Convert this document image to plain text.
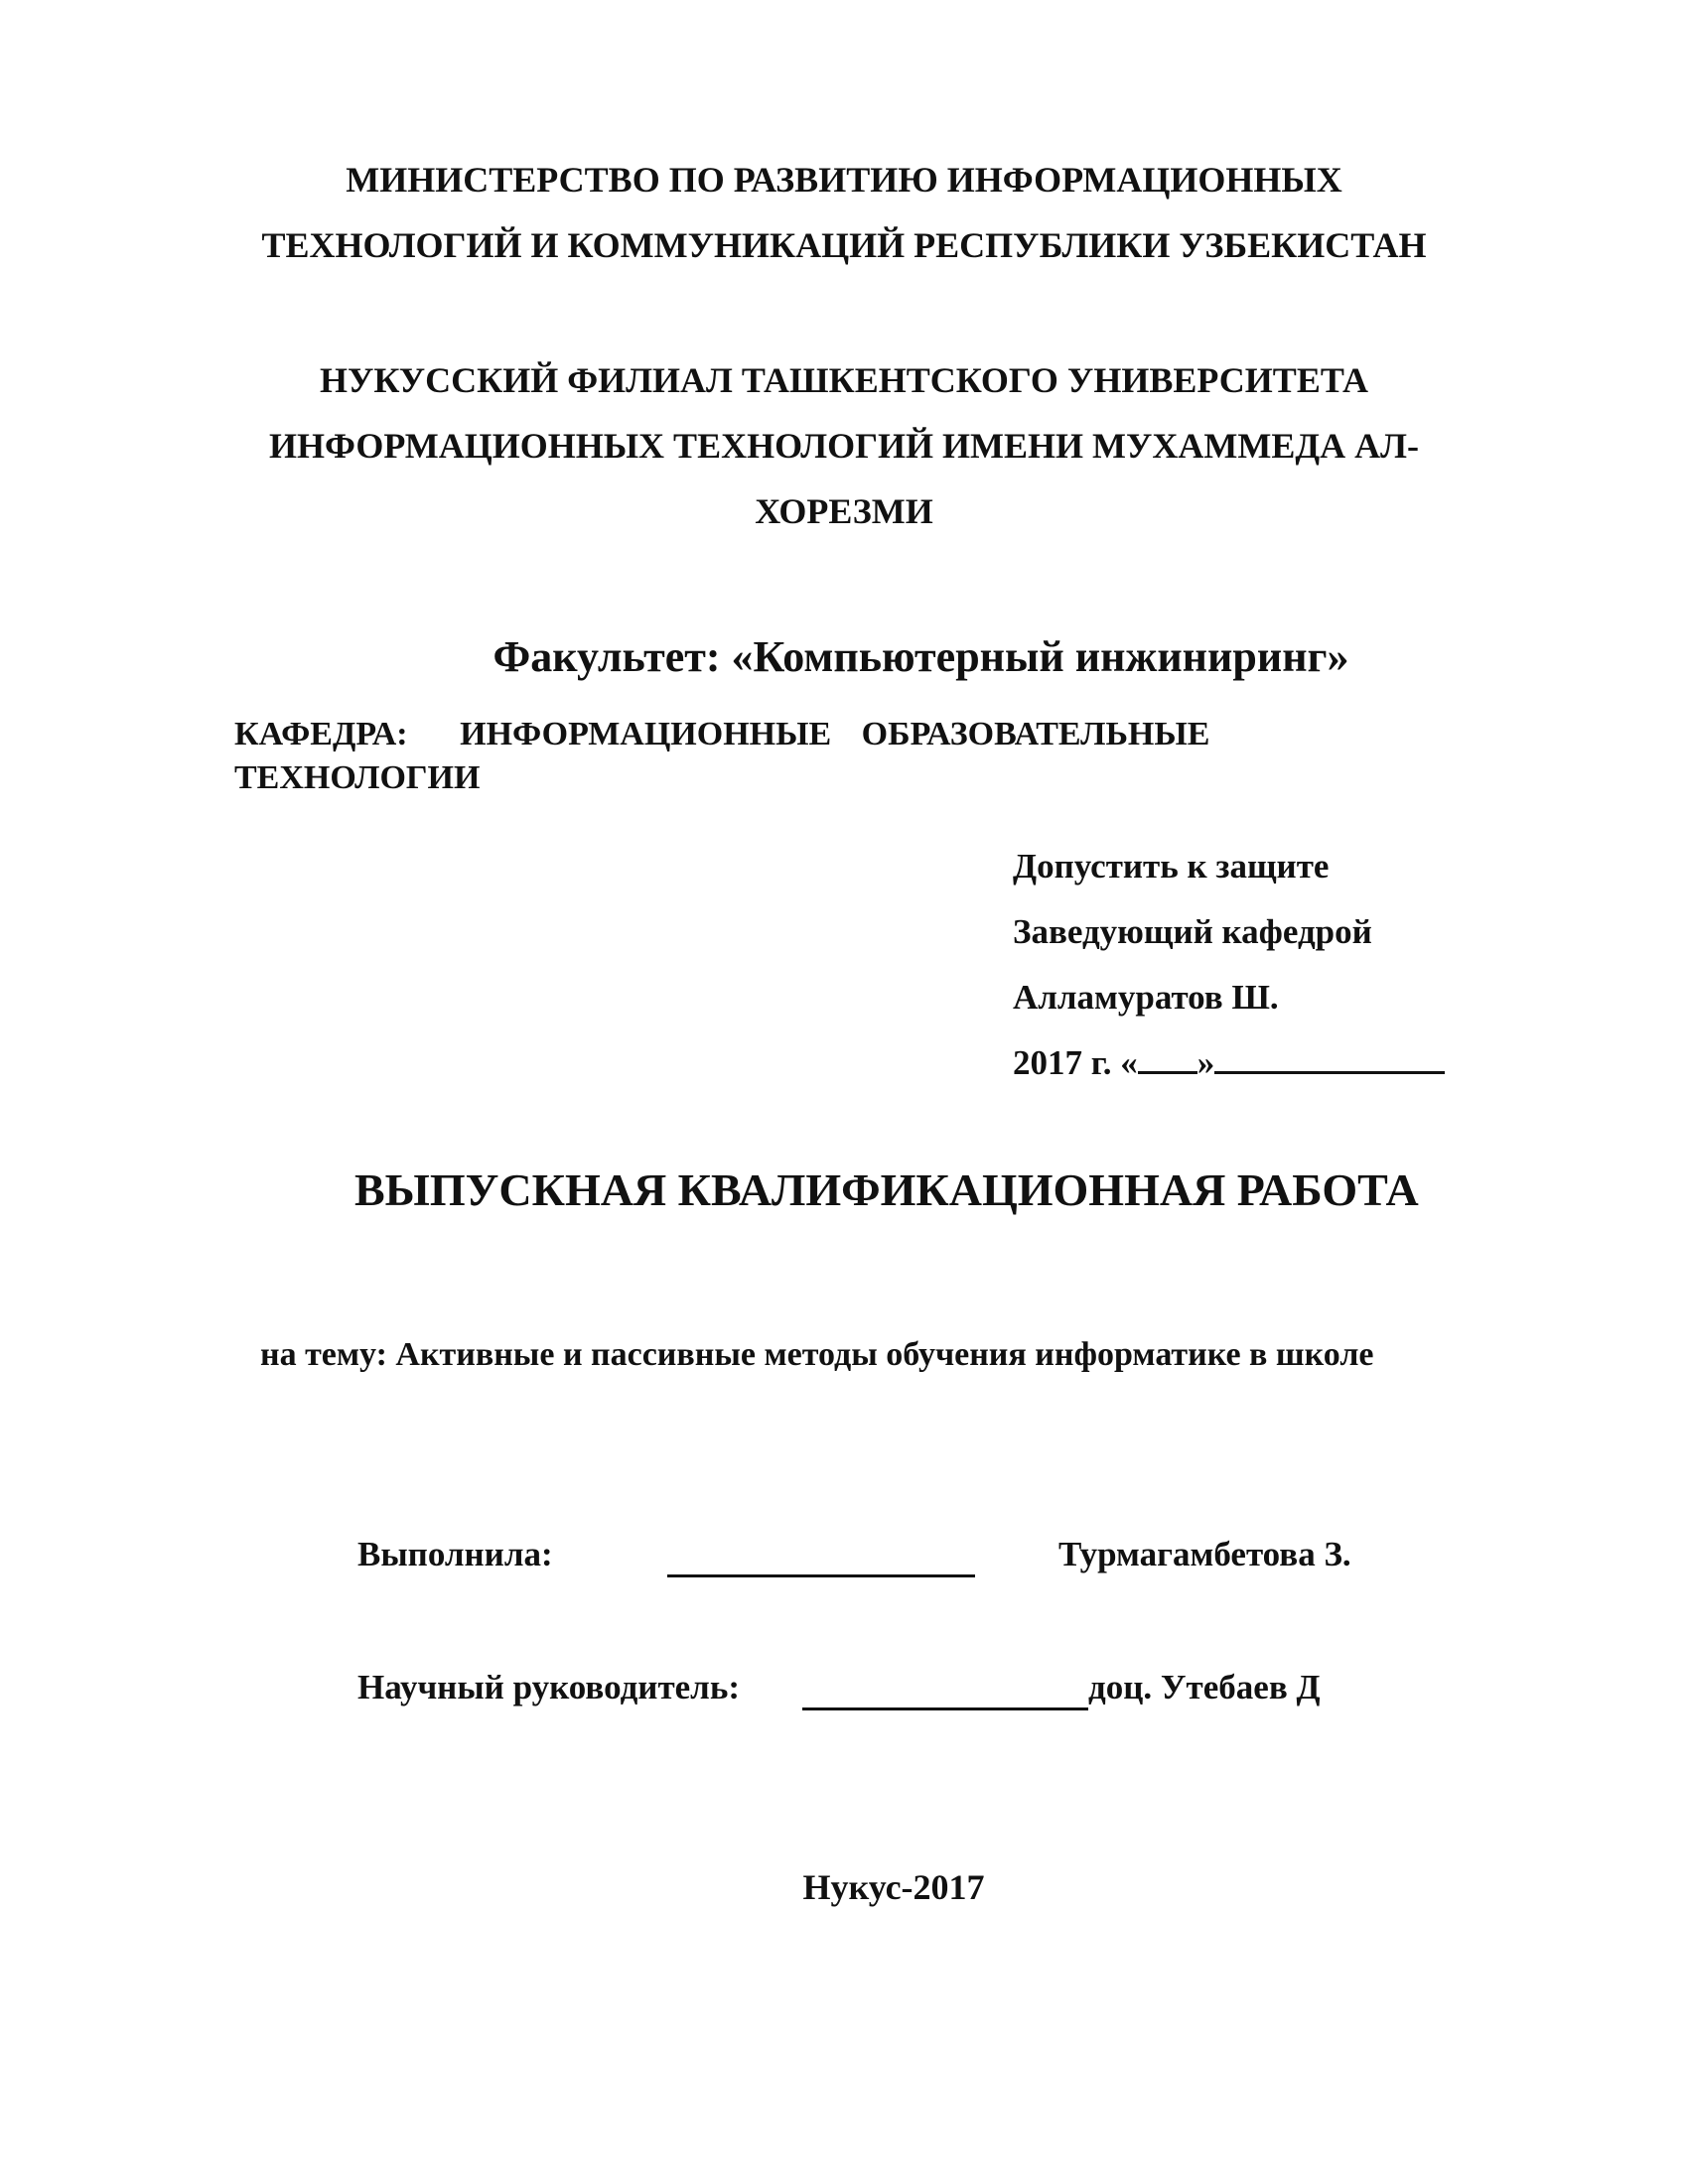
МИНИСТЕРСТВО ПО РАЗВИТИЮ ИНФОРМАЦИОННЫХ
ТЕХНОЛОГИЙ И КОММУНИКАЦИЙ РЕСПУБЛИКИ УЗБЕКИСТАН
НУКУССКИЙ ФИЛИАЛ ТАШКЕНТСКОГО УНИВЕРСИТЕТА
ИНФОРМАЦИОННЫХ ТЕХНОЛОГИЙ ИМЕНИ МУХАММЕДА АЛ-
ХОРЕЗМИ
Факультет: «Компьютерный инжиниринг»
КАФЕДРА: ИНФОРМАЦИОННЫЕ ОБРАЗОВАТЕЛЬНЫЕ
ТЕХНОЛОГИИ
Допустить к защите
Заведующий кафедрой
Алламуратов Ш.
2017 г. « »
ВЫПУСКНАЯ КВАЛИФИКАЦИОННАЯ РАБОТА
на тему: Активные и пассивные методы обучения информатике в школе
Выполнила:	Турмагамбетова З.
Научный руководитель:	доц. Утебаев Д
Нукус-2017
